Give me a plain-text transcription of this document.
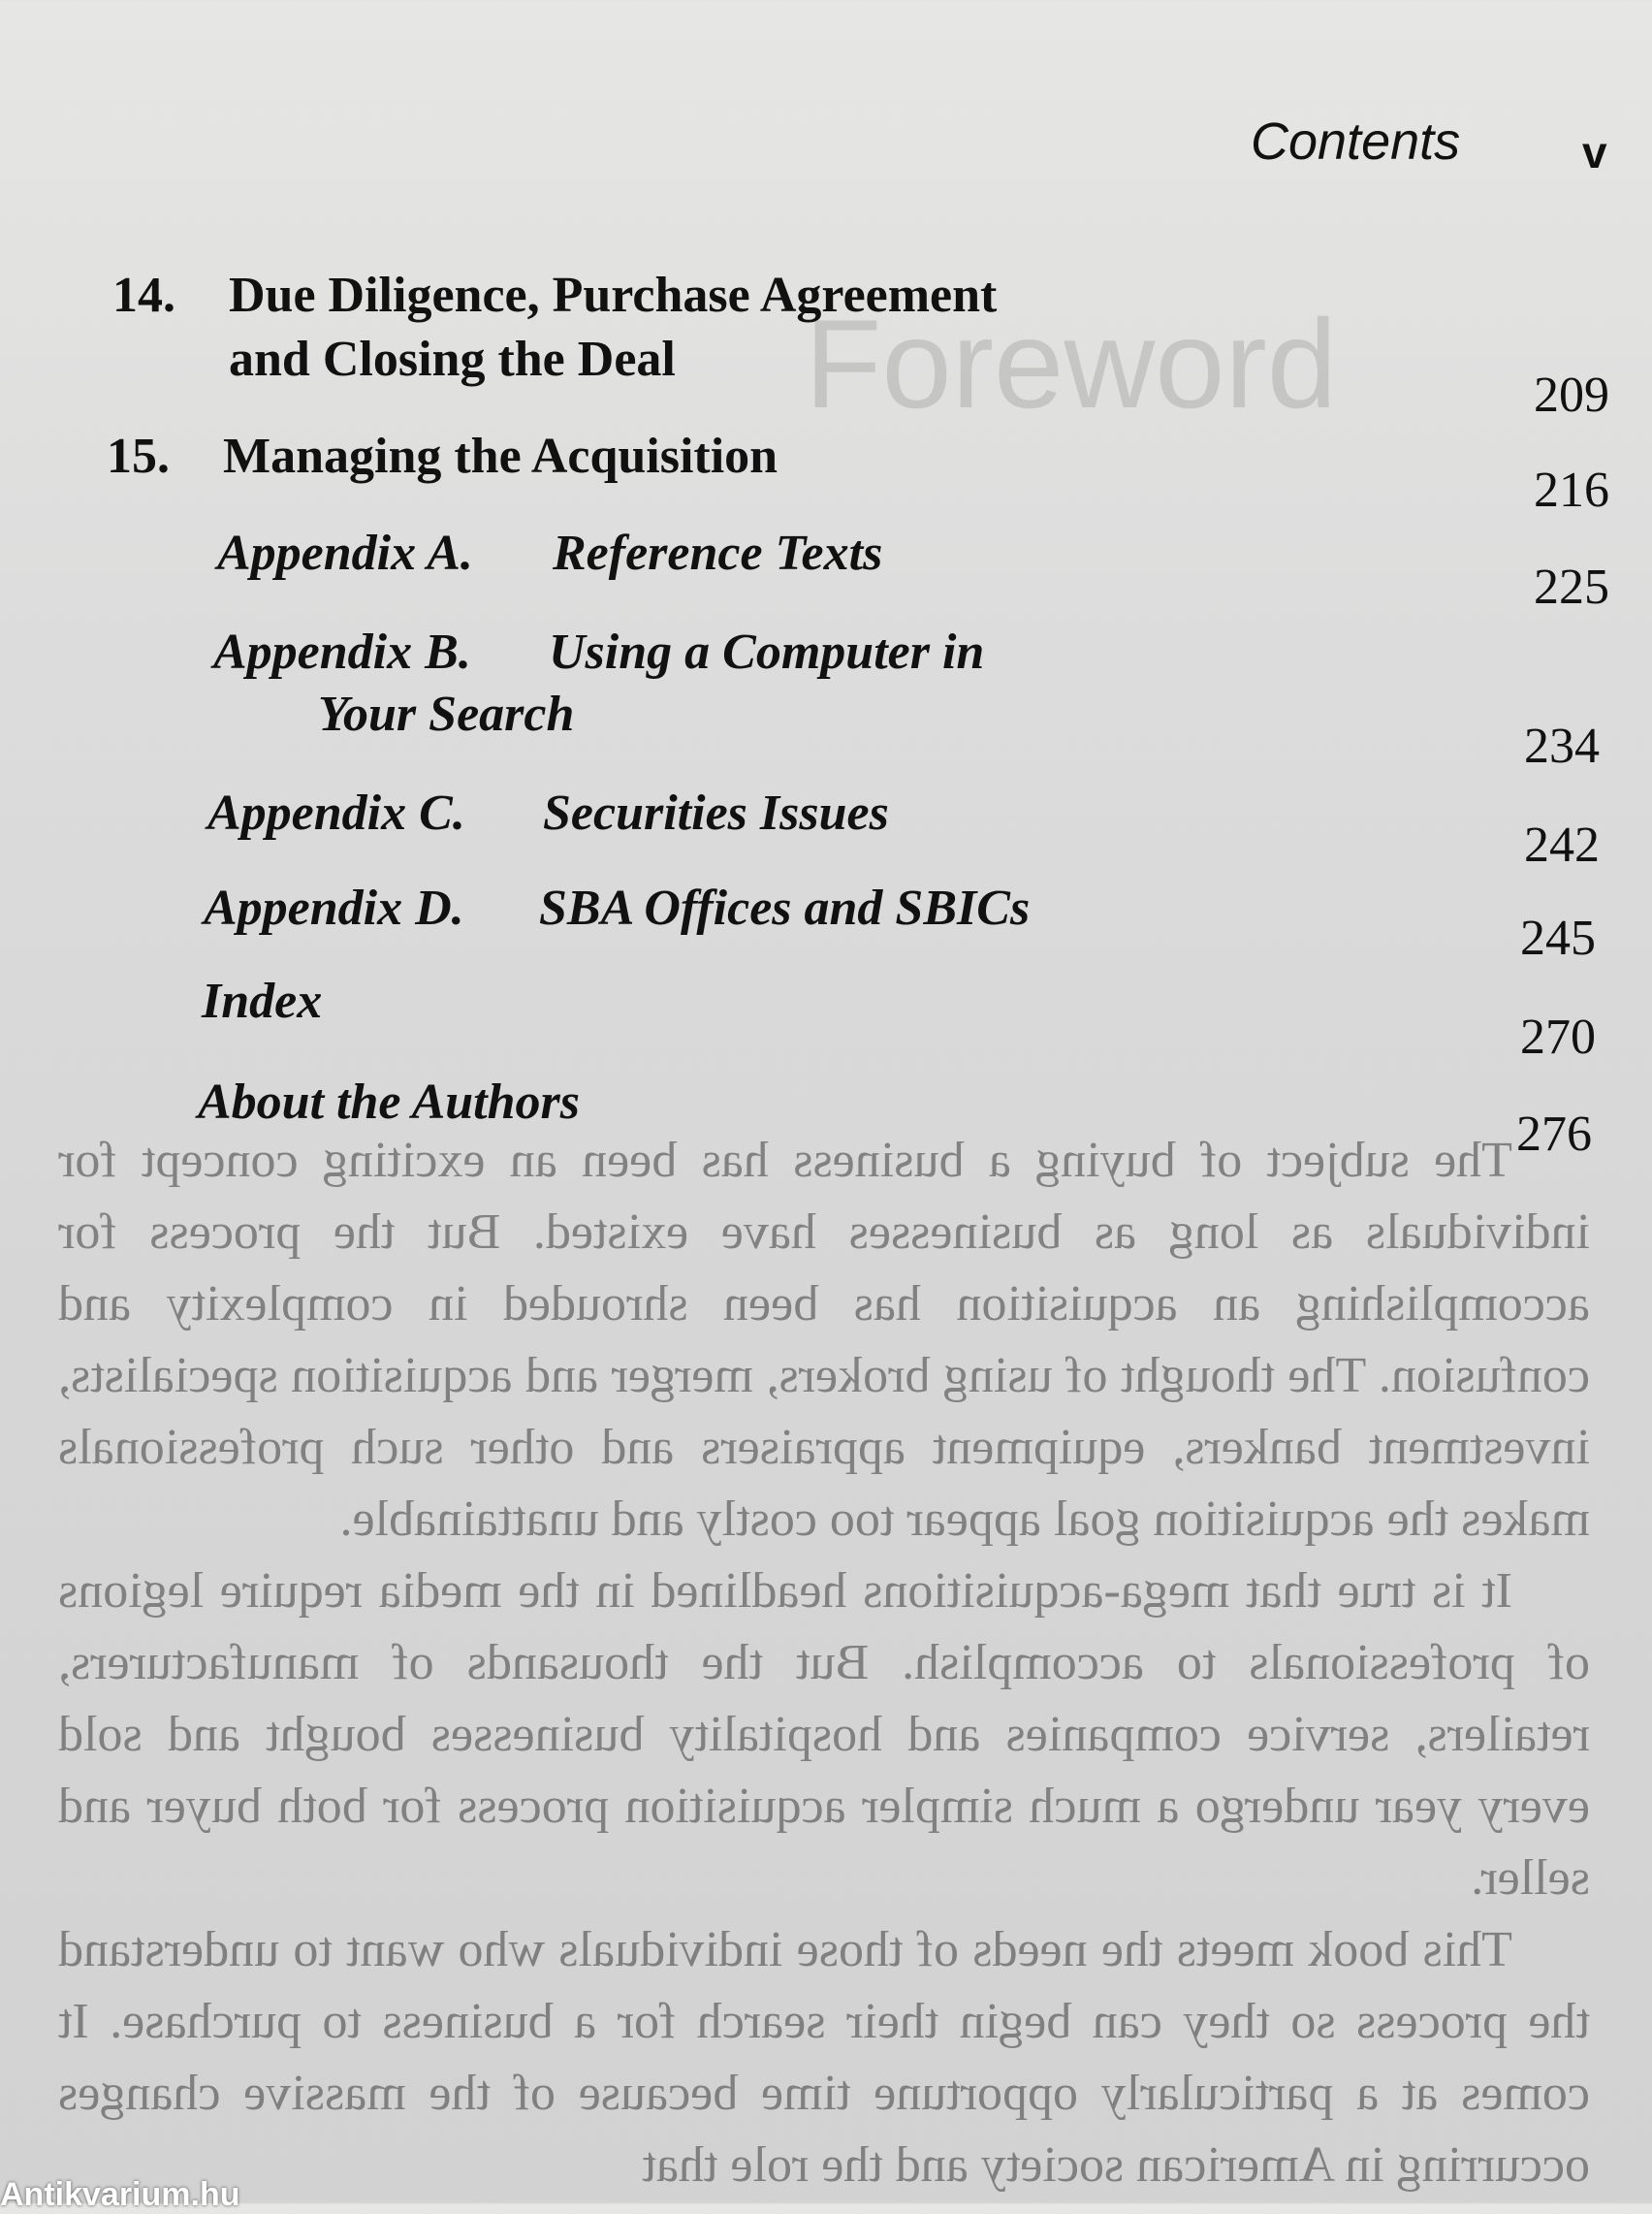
Foreword

The subject of buying a business has been an exciting concept for individuals as long as businesses have existed. But the process for accomplishing an acquisition has been shrouded in complexity and confusion. The thought of using brokers, merger and acquisition specialists, investment bankers, equipment appraisers and other such professionals makes the acquisition goal appear too costly and unattainable.

It is true that mega-acquisitions headlined in the media require legions of professionals to accomplish. But the thousands of manufacturers, retailers, service companies and hospitality businesses bought and sold every year undergo a much simpler acquisition process for both buyer and seller.

This book meets the needs of those individuals who want to understand the process so they can begin their search for a business to purchase. It comes at a particularly opportune time because of the massive changes occurring in American society and the role that

Contents	v
14. Due Diligence, Purchase Agreement
and Closing the Deal
209
15. Managing the Acquisition
216
Appendix A. Reference Texts
225
Appendix B. Using a Computer in
Your Search
234
Appendix C. Securities Issues
242
Appendix D. SBA Offices and SBICs
245
Index
270
About the Authors
276
Antikvarium.hu
